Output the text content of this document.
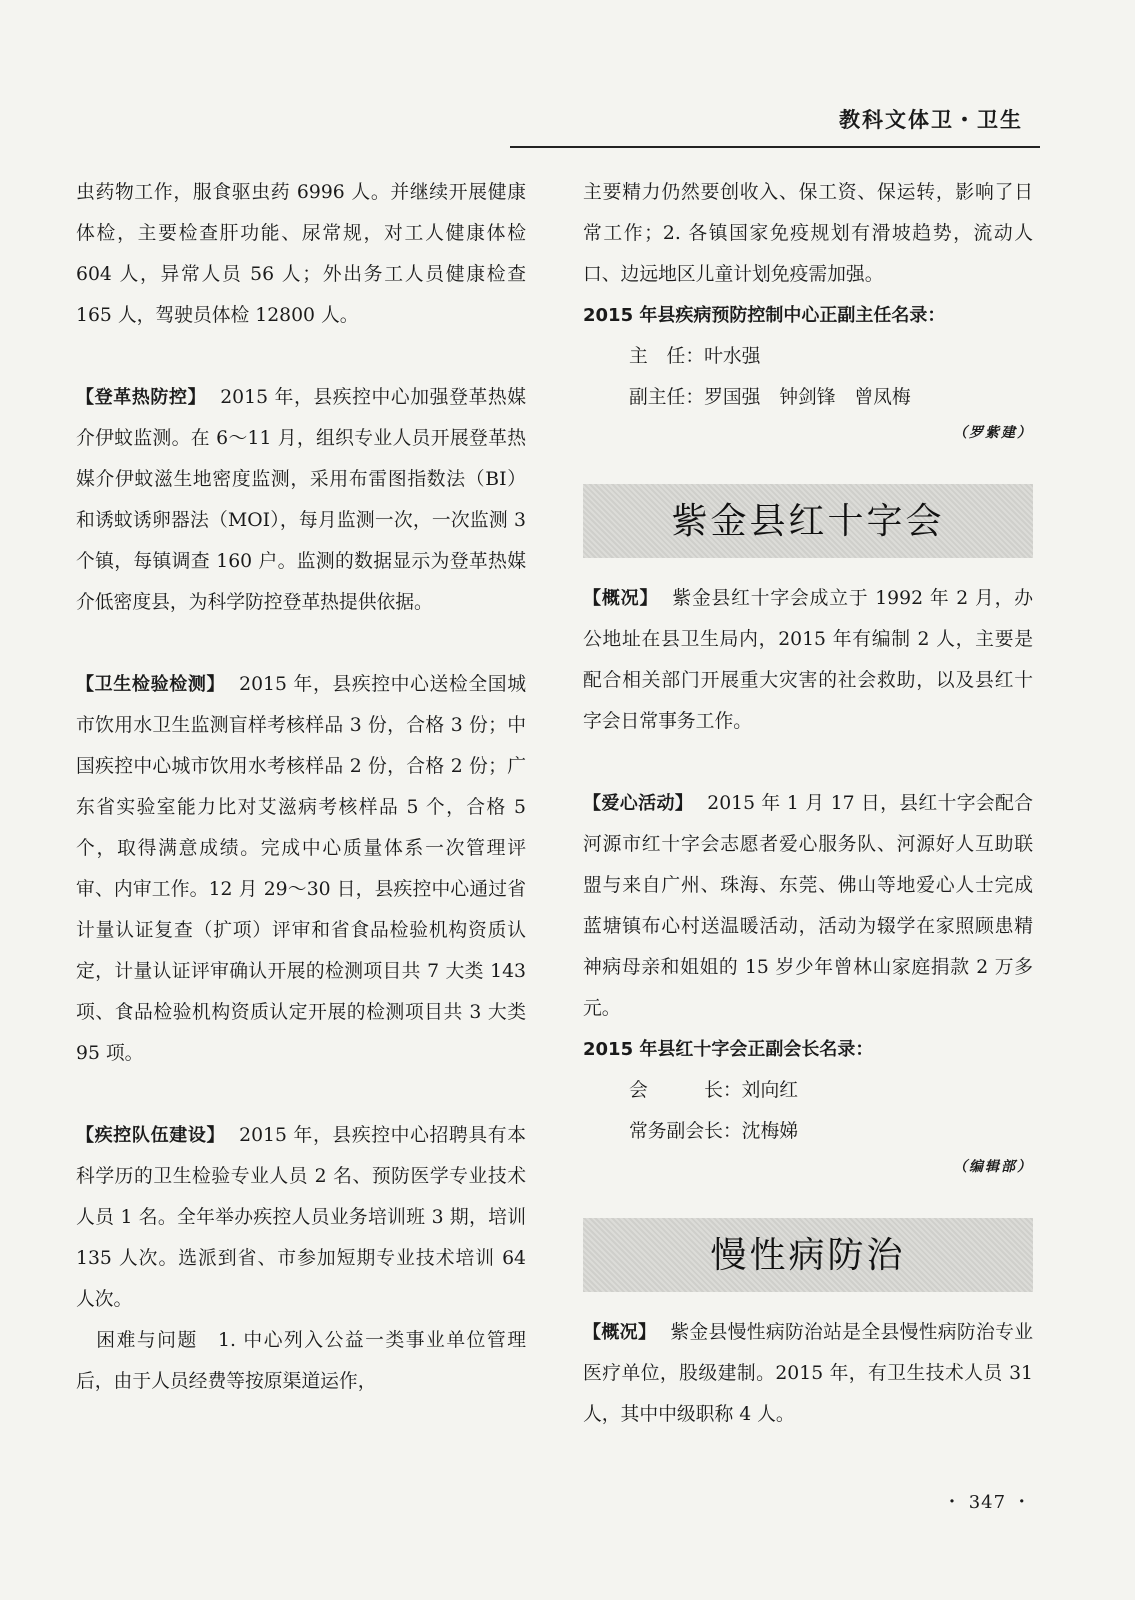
教科文体卫・卫生

虫药物工作，服食驱虫药 6996 人。并继续开展健康体检，主要检查肝功能、尿常规，对工人健康体检 604 人，异常人员 56 人；外出务工人员健康检查 165 人，驾驶员体检 12800 人。

【登革热防控】 2015 年，县疾控中心加强登革热媒介伊蚊监测。在 6～11 月，组织专业人员开展登革热媒介伊蚊滋生地密度监测，采用布雷图指数法（BI）和诱蚊诱卵器法（MOI），每月监测一次，一次监测 3 个镇，每镇调查 160 户。监测的数据显示为登革热媒介低密度县，为科学防控登革热提供依据。

【卫生检验检测】 2015 年，县疾控中心送检全国城市饮用水卫生监测盲样考核样品 3 份，合格 3 份；中国疾控中心城市饮用水考核样品 2 份，合格 2 份；广东省实验室能力比对艾滋病考核样品 5 个，合格 5 个，取得满意成绩。完成中心质量体系一次管理评审、内审工作。12 月 29～30 日，县疾控中心通过省计量认证复查（扩项）评审和省食品检验机构资质认定，计量认证评审确认开展的检测项目共 7 大类 143 项、食品检验机构资质认定开展的检测项目共 3 大类 95 项。

【疾控队伍建设】 2015 年，县疾控中心招聘具有本科学历的卫生检验专业人员 2 名、预防医学专业技术人员 1 名。全年举办疾控人员业务培训班 3 期，培训 135 人次。选派到省、市参加短期专业技术培训 64 人次。

　困难与问题　1. 中心列入公益一类事业单位管理后，由于人员经费等按原渠道运作，

主要精力仍然要创收入、保工资、保运转，影响了日常工作；2. 各镇国家免疫规划有滑坡趋势，流动人口、边远地区儿童计划免疫需加强。

2015 年县疾病预防控制中心正副主任名录：

主　任：叶水强

副主任：罗国强　钟剑锋　曾凤梅

（罗紫建）

紫金县红十字会

【概况】 紫金县红十字会成立于 1992 年 2 月，办公地址在县卫生局内，2015 年有编制 2 人，主要是配合相关部门开展重大灾害的社会救助，以及县红十字会日常事务工作。

【爱心活动】 2015 年 1 月 17 日，县红十字会配合河源市红十字会志愿者爱心服务队、河源好人互助联盟与来自广州、珠海、东莞、佛山等地爱心人士完成蓝塘镇布心村送温暖活动，活动为辍学在家照顾患精神病母亲和姐姐的 15 岁少年曾林山家庭捐款 2 万多元。

2015 年县红十字会正副会长名录：

会　　　长：刘向红

常务副会长：沈梅娣

（编辑部）

慢性病防治

【概况】 紫金县慢性病防治站是全县慢性病防治专业医疗单位，股级建制。2015 年，有卫生技术人员 31 人，其中中级职称 4 人。

・ 347 ・
